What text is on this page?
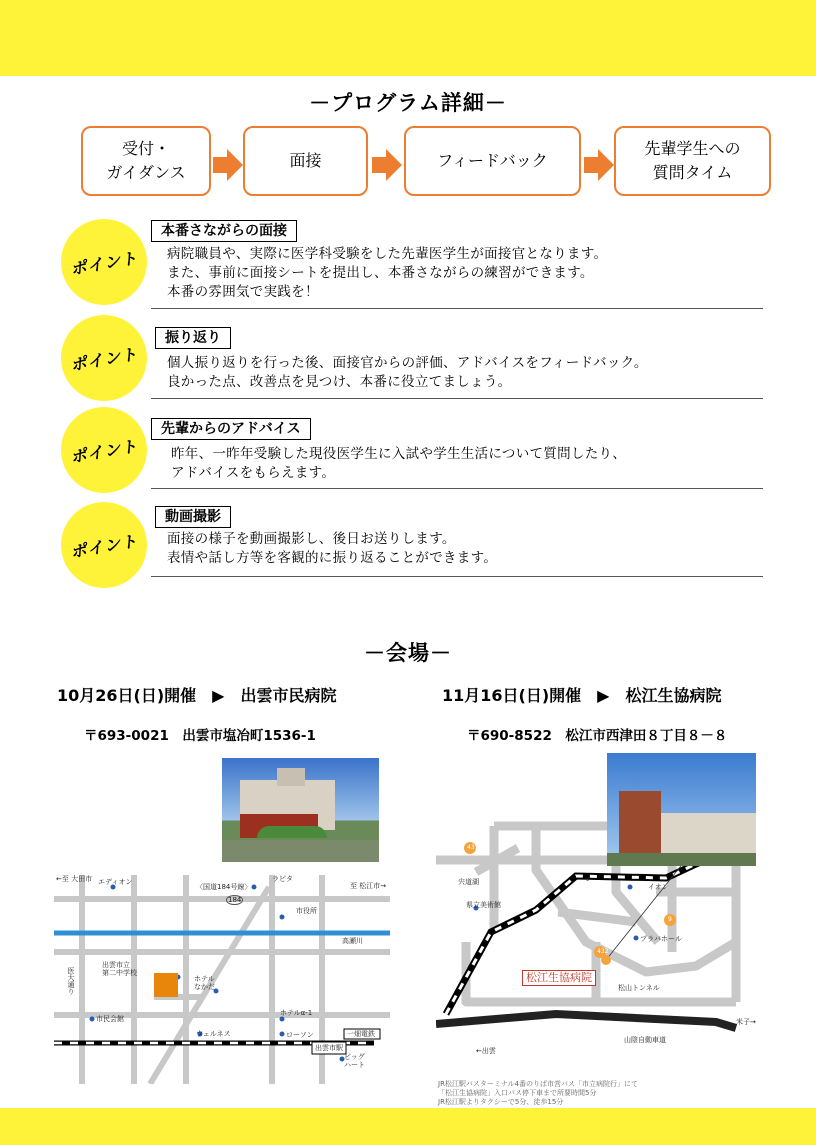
－プログラム詳細－
受付・
ガイダンス
面接	フィードバック
先輩学生への
質問タイム
ポイント
本番さながらの面接
病院職員や、実際に医学科受験をした先輩医学生が面接官となります。
また、事前に面接シートを提出し、本番さながらの練習ができます。
本番の雰囲気で実践を！
ポイント
振り返り
個人振り返りを行った後、面接官からの評価、アドバイスをフィードバック。
良かった点、改善点を見つけ、本番に役立てましょう。
ポイント
先輩からのアドバイス
昨年、一昨年受験した現役医学生に入試や学生生活について質問したり、
アドバイスをもらえます。
ポイント
動画撮影
面接の様子を動画撮影し、後日お送りします。
表情や話し方等を客観的に振り返ることができます。
－会場－
10月26日(日)開催　▶　出雲市民病院	11月16日(日)開催　▶　松江生協病院
〒693-0021　出雲市塩冶町1536-1	〒690-8522　松江市西津田８丁目８－８
←至 大田市 エディオン
〈国道184号線〉
184
ラピタ
至 松江市→
市役所
高瀬川
出雲市立
第二中学校
ホテル
なかだ
医大通り
ホテルα-1
市民会館
ウェルネス	ローソン	一畑電鉄
出雲市駅
ビッグ
ハート
宍道湖
県立美術館
431
432
9
9
イオン
プラバホール
松江生協病院
松山トンネル
山陰自動車道
←出雲
米子→
JR松江駅バスターミナル4番のりば市営バス「市立病院行」にて
「松江生協病院」入口バス停下車まで所要時間5分
JR松江駅よりタクシーで5分、徒歩15分
